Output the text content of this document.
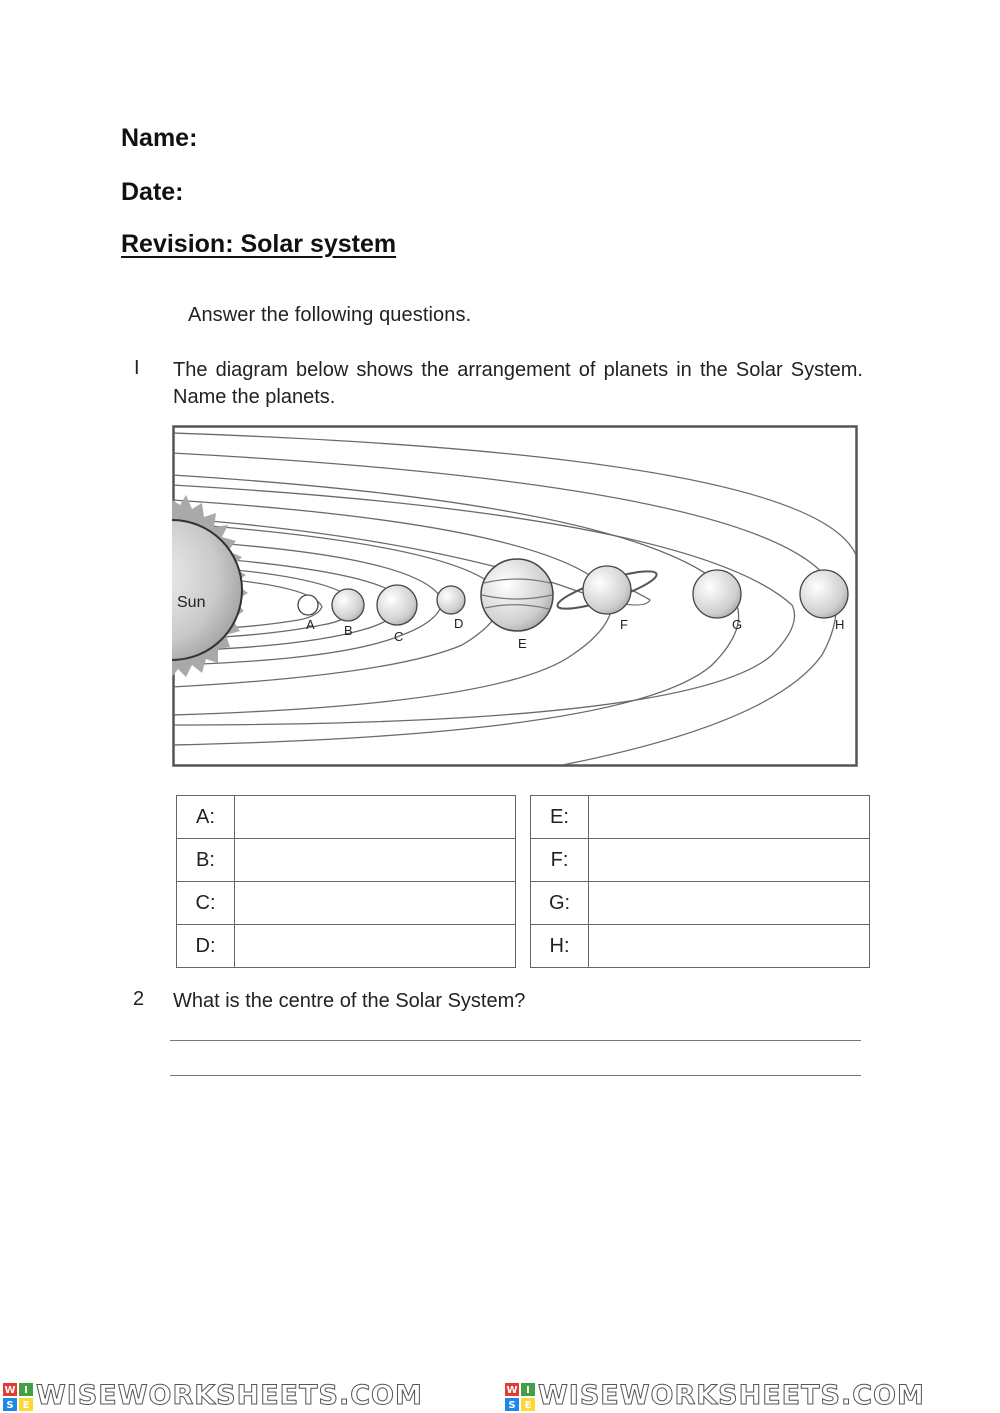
Name:
Date:
Revision: Solar system
Answer the following questions.
I The diagram below shows the arrangement of planets in the Solar System. Name the planets.
Sun
A B	C
D
E
F	G	H
A:	
B:	
C:	
D:	
E:	
F:	
G:	
H:	
2 What is the centre of the Solar System?
W I
S E WISEWORKSHEETS.COM	W I
S E WISEWORKSHEETS.COM
